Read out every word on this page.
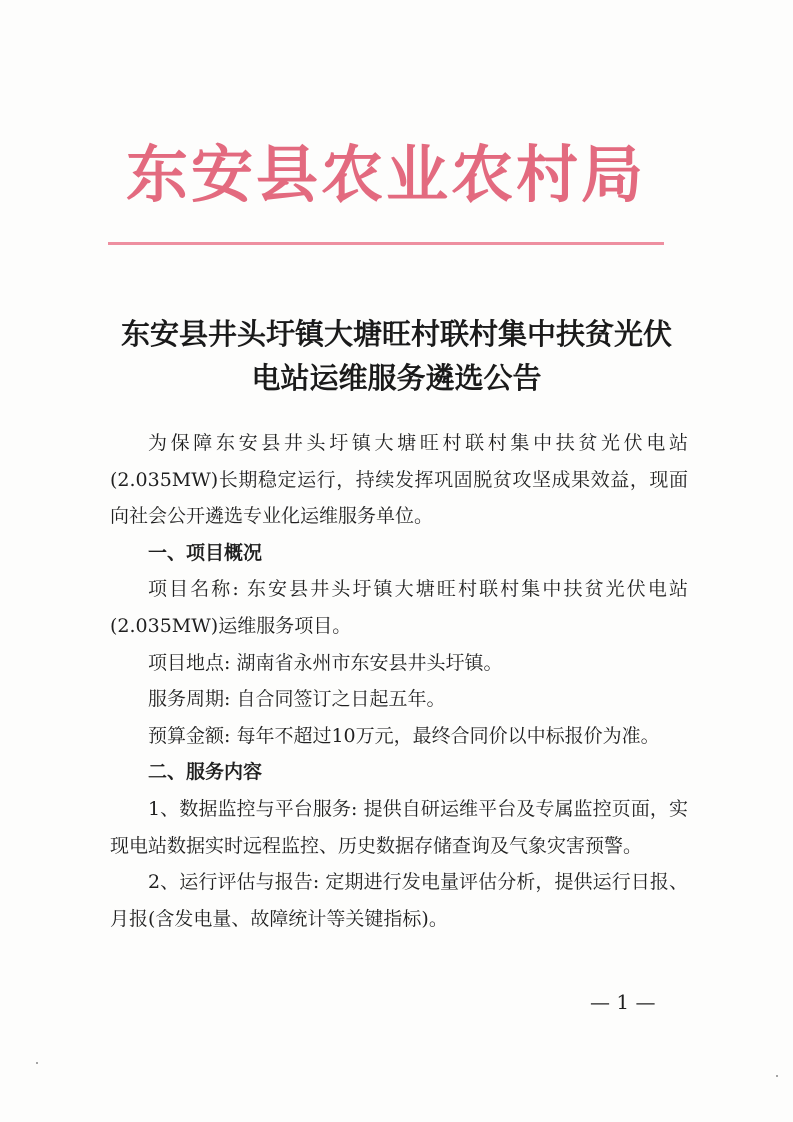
东安县农业农村局
东安县井头圩镇大塘旺村联村集中扶贫光伏
电站运维服务遴选公告

为保障东安县井头圩镇大塘旺村联村集中扶贫光伏电站(2.035MW)长期稳定运行，持续发挥巩固脱贫攻坚成果效益，现面向社会公开遴选专业化运维服务单位。

一、项目概况

项目名称: 东安县井头圩镇大塘旺村联村集中扶贫光伏电站(2.035MW)运维服务项目。

项目地点: 湖南省永州市东安县井头圩镇。

服务周期: 自合同签订之日起五年。

预算金额: 每年不超过10万元，最终合同价以中标报价为准。

二、服务内容

1、数据监控与平台服务: 提供自研运维平台及专属监控页面，实现电站数据实时远程监控、历史数据存储查询及气象灾害预警。

2、运行评估与报告: 定期进行发电量评估分析，提供运行日报、月报(含发电量、故障统计等关键指标)。

— 1 —
